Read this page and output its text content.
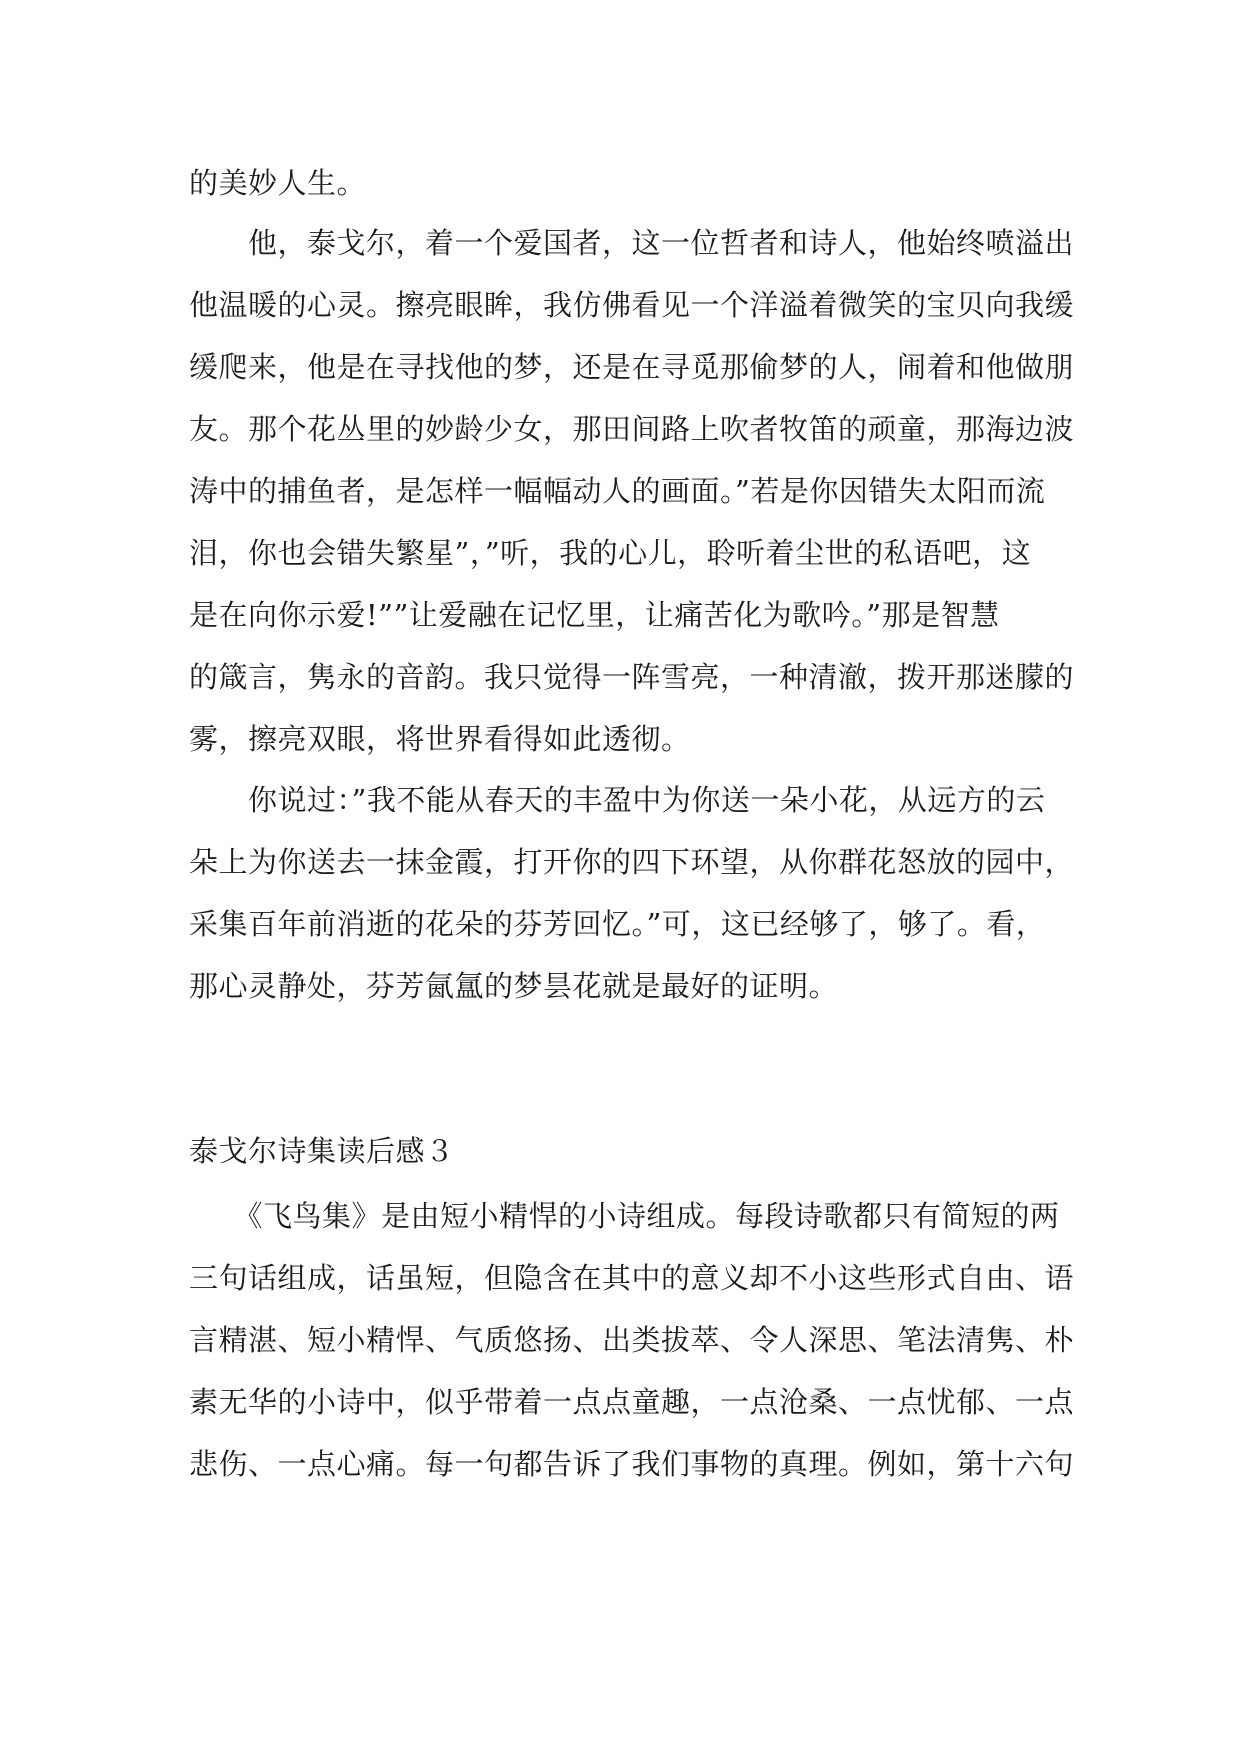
的美妙人生。
　　他，泰戈尔，着一个爱国者，这一位哲者和诗人，他始终喷溢出
他温暖的心灵。擦亮眼眸，我仿佛看见一个洋溢着微笑的宝贝向我缓
缓爬来，他是在寻找他的梦，还是在寻觅那偷梦的人，闹着和他做朋
友。那个花丛里的妙龄少女，那田间路上吹者牧笛的顽童，那海边波
涛中的捕鱼者，是怎样一幅幅动人的画面。”若是你因错失太阳而流
泪，你也会错失繁星”，”听，我的心儿，聆听着尘世的私语吧，这
是在向你示爱!””让爱融在记忆里，让痛苦化为歌吟。”那是智慧
的箴言，隽永的音韵。我只觉得一阵雪亮，一种清澈，拨开那迷朦的
雾，擦亮双眼，将世界看得如此透彻。
　　你说过：”我不能从春天的丰盈中为你送一朵小花，从远方的云
朵上为你送去一抹金霞，打开你的四下环望，从你群花怒放的园中，
采集百年前消逝的花朵的芬芳回忆。”可，这已经够了，够了。看，
那心灵静处，芬芳氤氲的梦昙花就是最好的证明。
泰戈尔诗集读后感３
　　《飞鸟集》是由短小精悍的小诗组成。每段诗歌都只有简短的两
三句话组成，话虽短，但隐含在其中的意义却不小这些形式自由、语
言精湛、短小精悍、气质悠扬、出类拔萃、令人深思、笔法清隽、朴
素无华的小诗中，似乎带着一点点童趣，一点沧桑、一点忧郁、一点
悲伤、一点心痛。每一句都告诉了我们事物的真理。例如，第十六句
